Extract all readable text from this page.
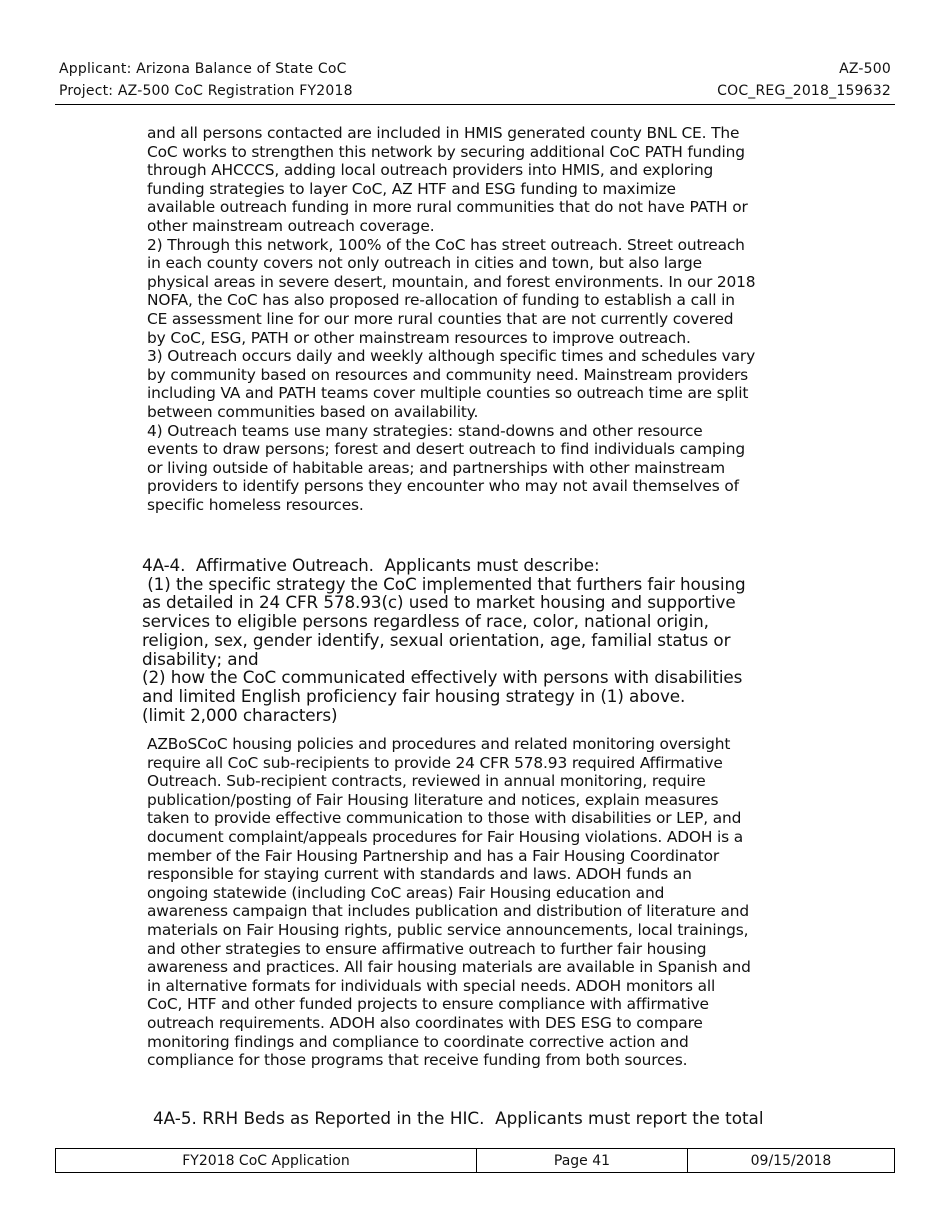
Applicant: Arizona Balance of State CoC
Project: AZ-500 CoC Registration FY2018
AZ-500
COC_REG_2018_159632
and all persons contacted are included in HMIS generated county BNL CE. The
CoC works to strengthen this network by securing additional CoC PATH funding
through AHCCCS, adding local outreach providers into HMIS, and exploring
funding strategies to layer CoC, AZ HTF and ESG funding to maximize
available outreach funding in more rural communities that do not have PATH or
other mainstream outreach coverage.
2) Through this network, 100% of the CoC has street outreach. Street outreach
in each county covers not only outreach in cities and town, but also large
physical areas in severe desert, mountain, and forest environments. In our 2018
NOFA, the CoC has also proposed re-allocation of funding to establish a call in
CE assessment line for our more rural counties that are not currently covered
by CoC, ESG, PATH or other mainstream resources to improve outreach.
3) Outreach occurs daily and weekly although specific times and schedules vary
by community based on resources and community need. Mainstream providers
including VA and PATH teams cover multiple counties so outreach time are split
between communities based on availability.
4) Outreach teams use many strategies: stand-downs and other resource
events to draw persons; forest and desert outreach to find individuals camping
or living outside of habitable areas; and partnerships with other mainstream
providers to identify persons they encounter who may not avail themselves of
specific homeless resources.
4A-4.  Affirmative Outreach.  Applicants must describe:
(1) the specific strategy the CoC implemented that furthers fair housing
as detailed in 24 CFR 578.93(c) used to market housing and supportive
services to eligible persons regardless of race, color, national origin,
religion, sex, gender identify, sexual orientation, age, familial status or
disability; and
(2) how the CoC communicated effectively with persons with disabilities
and limited English proficiency fair housing strategy in (1) above.
(limit 2,000 characters)
AZBoSCoC housing policies and procedures and related monitoring oversight
require all CoC sub-recipients to provide 24 CFR 578.93 required Affirmative
Outreach. Sub-recipient contracts, reviewed in annual monitoring, require
publication/posting of Fair Housing literature and notices, explain measures
taken to provide effective communication to those with disabilities or LEP, and
document complaint/appeals procedures for Fair Housing violations. ADOH is a
member of the Fair Housing Partnership and has a Fair Housing Coordinator
responsible for staying current with standards and laws. ADOH funds an
ongoing statewide (including CoC areas) Fair Housing education and
awareness campaign that includes publication and distribution of literature and
materials on Fair Housing rights, public service announcements, local trainings,
and other strategies to ensure affirmative outreach to further fair housing
awareness and practices. All fair housing materials are available in Spanish and
in alternative formats for individuals with special needs. ADOH monitors all
CoC, HTF and other funded projects to ensure compliance with affirmative
outreach requirements. ADOH also coordinates with DES ESG to compare
monitoring findings and compliance to coordinate corrective action and
compliance for those programs that receive funding from both sources.
4A-5. RRH Beds as Reported in the HIC.  Applicants must report the total
FY2018 CoC Application	Page 41	09/15/2018
